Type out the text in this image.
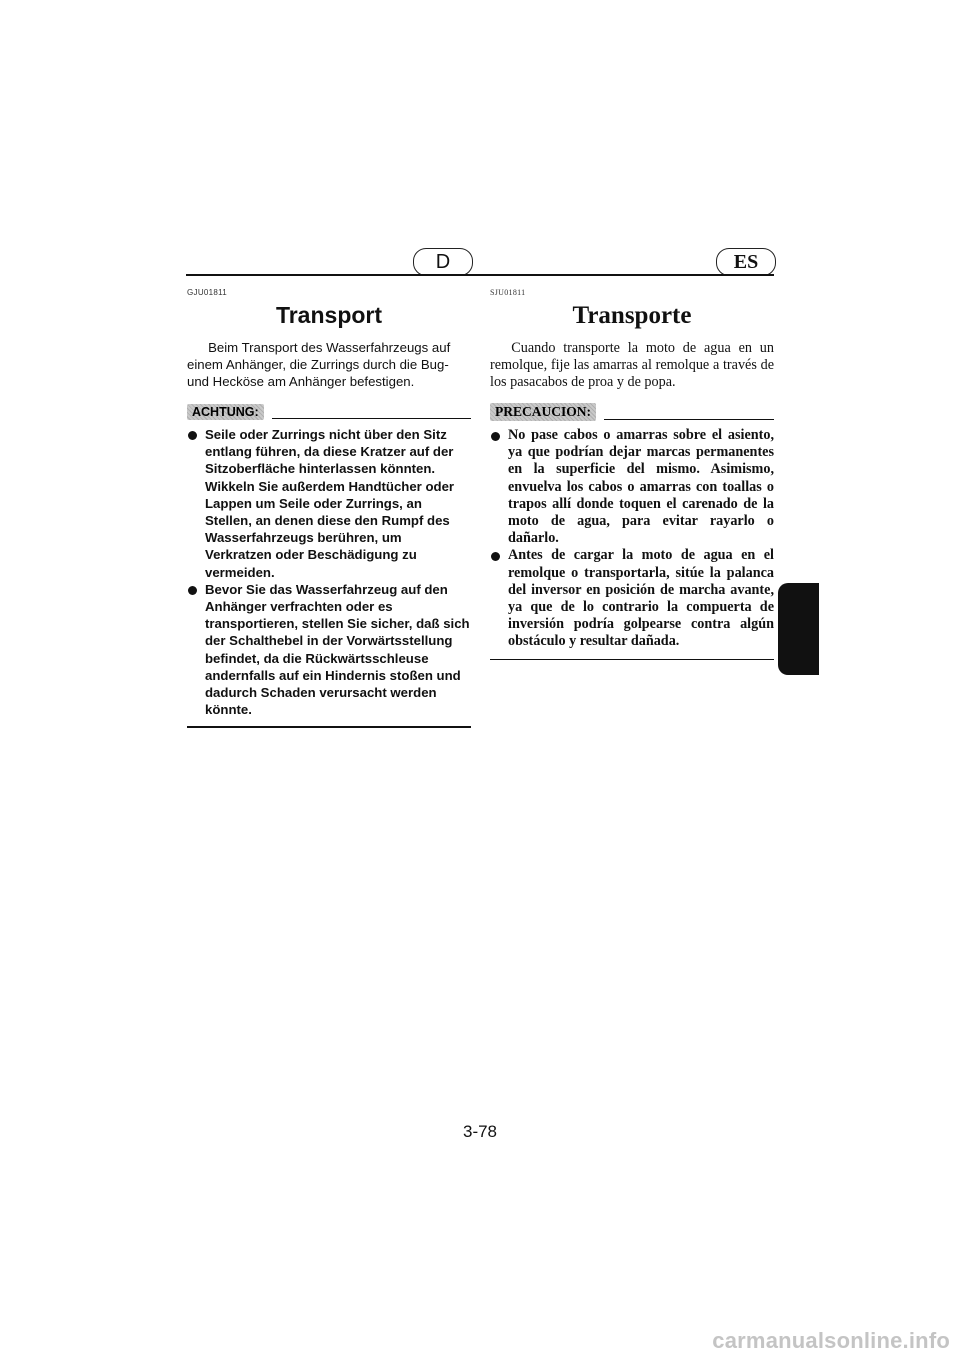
D	ES
GJU01811
Transport
Beim Transport des Wasserfahrzeugs auf einem Anhänger, die Zurrings durch die Bug- und Hecköse am Anhänger befestigen.
ACHTUNG:
Seile oder Zurrings nicht über den Sitz entlang führen, da diese Kratzer auf der Sitzoberfläche hinterlassen könnten. Wikkeln Sie außerdem Handtücher oder Lappen um Seile oder Zurrings, an Stellen, an denen diese den Rumpf des Wasserfahrzeugs berühren, um Verkratzen oder Beschädigung zu vermeiden.
Bevor Sie das Wasserfahrzeug auf den Anhänger verfrachten oder es transportieren, stellen Sie sicher, daß sich der Schalthebel in der Vorwärtsstellung befindet, da die Rückwärtsschleuse andernfalls auf ein Hindernis stoßen und dadurch Schaden verursacht werden könnte.
SJU01811
Transporte
Cuando transporte la moto de agua en un remolque, fije las amarras al remolque a través de los pasacabos de proa y de popa.
PRECAUCION:
No pase cabos o amarras sobre el asiento, ya que podrían dejar marcas permanentes en la superficie del mismo. Asimismo, envuelva los cabos o amarras con toallas o trapos allí donde toquen el carenado de la moto de agua, para evitar rayarlo o dañarlo.
Antes de cargar la moto de agua en el remolque o transportarla, sitúe la palanca del inversor en posición de marcha avante, ya que de lo contrario la compuerta de inversión podría golpearse contra algún obstáculo y resultar dañada.
3-78
carmanualsonline.info
